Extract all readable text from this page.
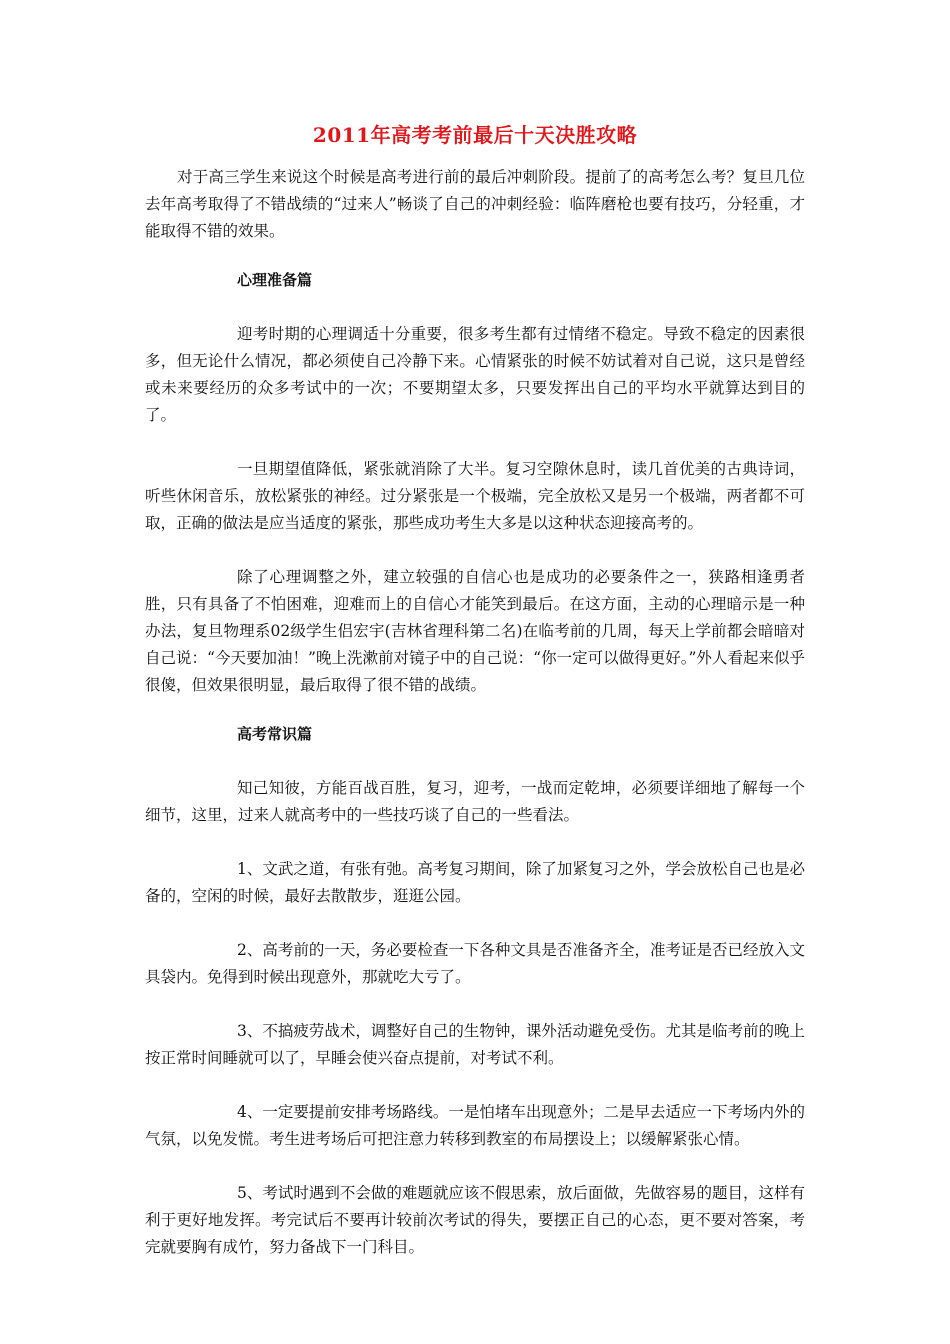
2011年高考考前最后十天决胜攻略

对于高三学生来说这个时候是高考进行前的最后冲刺阶段。提前了的高考怎么考？复旦几位去年高考取得了不错战绩的“过来人”畅谈了自己的冲刺经验：临阵磨枪也要有技巧，分轻重，才能取得不错的效果。

心理准备篇

迎考时期的心理调适十分重要，很多考生都有过情绪不稳定。导致不稳定的因素很多，但无论什么情况，都必须使自己冷静下来。心情紧张的时候不妨试着对自己说，这只是曾经或未来要经历的众多考试中的一次；不要期望太多，只要发挥出自己的平均水平就算达到目的了。

一旦期望值降低，紧张就消除了大半。复习空隙休息时，读几首优美的古典诗词，听些休闲音乐，放松紧张的神经。过分紧张是一个极端，完全放松又是另一个极端，两者都不可取，正确的做法是应当适度的紧张，那些成功考生大多是以这种状态迎接高考的。

除了心理调整之外，建立较强的自信心也是成功的必要条件之一，狭路相逢勇者胜，只有具备了不怕困难，迎难而上的自信心才能笑到最后。在这方面，主动的心理暗示是一种办法，复旦物理系02级学生侣宏宇(吉林省理科第二名)在临考前的几周，每天上学前都会暗暗对自己说：“今天要加油！”晚上洗漱前对镜子中的自己说：“你一定可以做得更好。”外人看起来似乎很傻，但效果很明显，最后取得了很不错的战绩。

高考常识篇

知己知彼，方能百战百胜，复习，迎考，一战而定乾坤，必须要详细地了解每一个细节，这里，过来人就高考中的一些技巧谈了自己的一些看法。

1、文武之道，有张有弛。高考复习期间，除了加紧复习之外，学会放松自己也是必备的，空闲的时候，最好去散散步，逛逛公园。

2、高考前的一天，务必要检查一下各种文具是否准备齐全，准考证是否已经放入文具袋内。免得到时候出现意外，那就吃大亏了。

3、不搞疲劳战术，调整好自己的生物钟，课外活动避免受伤。尤其是临考前的晚上按正常时间睡就可以了，早睡会使兴奋点提前，对考试不利。

4、一定要提前安排考场路线。一是怕堵车出现意外；二是早去适应一下考场内外的气氛，以免发慌。考生进考场后可把注意力转移到教室的布局摆设上；以缓解紧张心情。

5、考试时遇到不会做的难题就应该不假思索，放后面做，先做容易的题目，这样有利于更好地发挥。考完试后不要再计较前次考试的得失，要摆正自己的心态，更不要对答案，考完就要胸有成竹，努力备战下一门科目。
